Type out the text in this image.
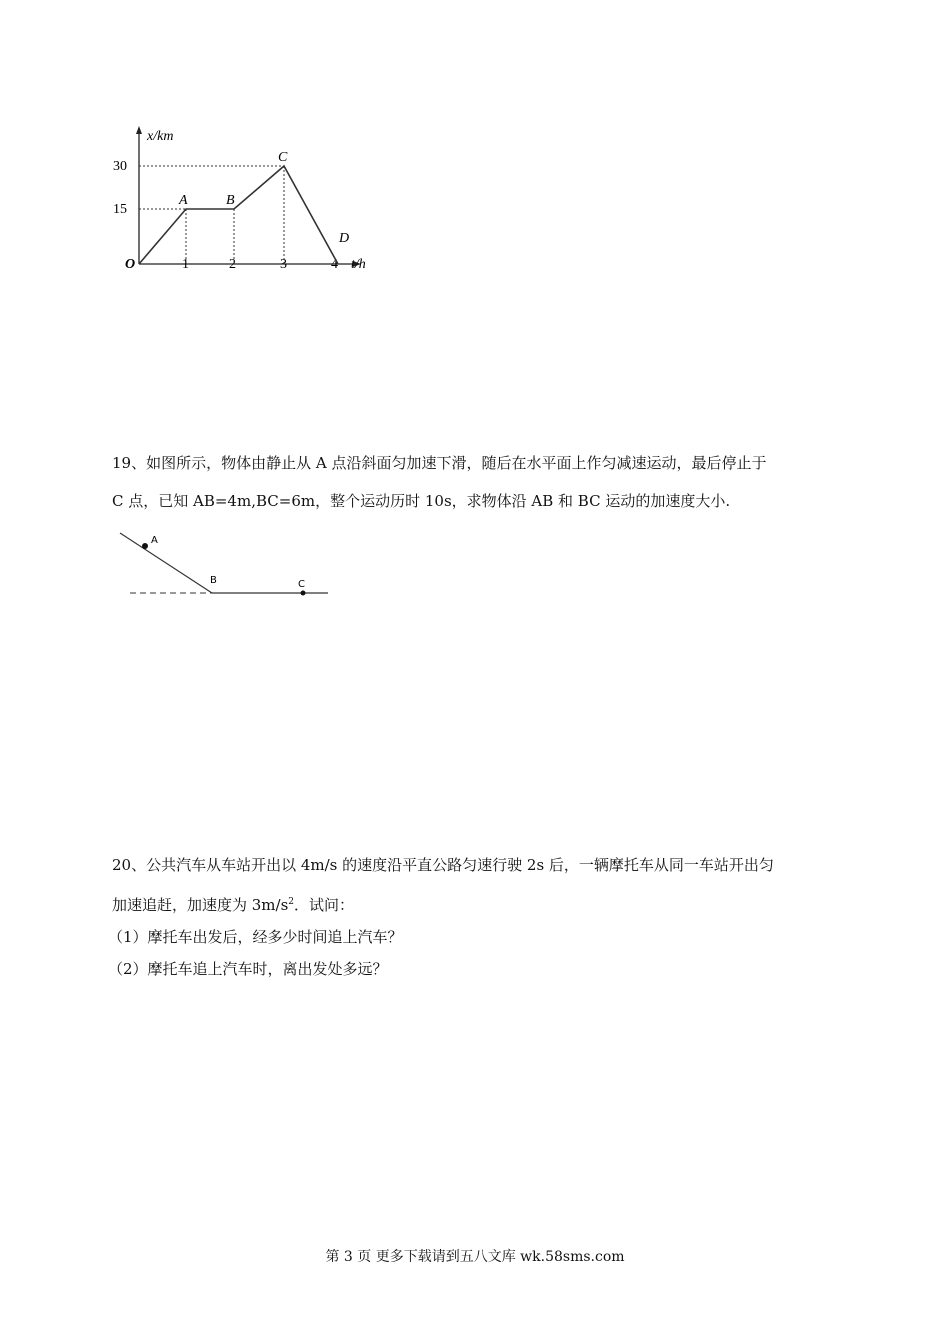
x/km
t/h
O
30
15
1	2	3	4
A	B
C
D
19、如图所示，物体由静止从 A 点沿斜面匀加速下滑，随后在水平面上作匀减速运动，最后停止于
C 点，已知 AB=4m,BC=6m，整个运动历时 10s，求物体沿 AB 和 BC 运动的加速度大小.
A
B	C
20、公共汽车从车站开出以 4m/s 的速度沿平直公路匀速行驶 2s 后，一辆摩托车从同一车站开出匀
加速追赶，加速度为 $3m/s^2$．试问：
（1）摩托车出发后，经多少时间追上汽车？
（2）摩托车追上汽车时，离出发处多远？
第 3 页 更多下载请到五八文库 wk.58sms.com
